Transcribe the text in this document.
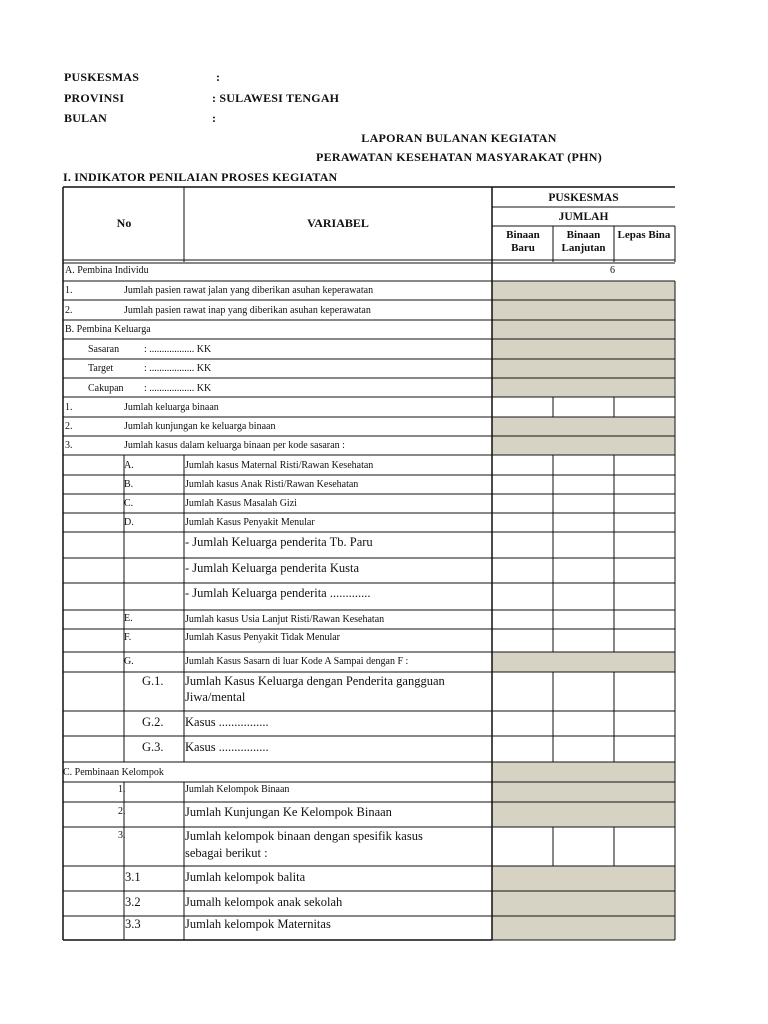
PUSKESMAS	:
PROVINSI	: SULAWESI TENGAH
BULAN	:
LAPORAN BULANAN KEGIATAN
PERAWATAN KESEHATAN MASYARAKAT (PHN)
I. INDIKATOR PENILAIAN PROSES KEGIATAN
No	VARIABEL
PUSKESMAS
JUMLAH
Binaan Baru
Binaan Lanjutan
Lepas Bina
A. Pembina Individu	6
1.	Jumlah pasien rawat jalan yang diberikan asuhan keperawatan
2.	Jumlah pasien rawat inap yang diberikan asuhan keperawatan
B. Pembina Keluarga
Sasaran : .................. KK
Target	: .................. KK
Cakupan : .................. KK
1.	Jumlah keluarga binaan
2.	Jumlah kunjungan ke keluarga binaan
3.	Jumlah kasus dalam keluarga binaan per kode sasaran :
A.	Jumlah kasus Maternal Risti/Rawan Kesehatan
B.	Jumlah kasus Anak Risti/Rawan Kesehatan
C.	Jumlah Kasus Masalah Gizi
D.	Jumlah Kasus Penyakit Menular
- Jumlah Keluarga penderita Tb. Paru
- Jumlah Keluarga penderita Kusta
- Jumlah Keluarga penderita .............
E.	Jumlah kasus Usia Lanjut Risti/Rawan Kesehatan
F.	Jumlah Kasus Penyakit Tidak Menular
G.	Jumlah Kasus Sasarn di luar Kode A Sampai dengan F :
G.1. Jumlah Kasus Keluarga dengan Penderita gangguan
Jiwa/mental
G.2. Kasus ................
G.3. Kasus ................
C. Pembinaan Kelompok
1.	Jumlah Kelompok Binaan
2.	Jumlah Kunjungan Ke Kelompok Binaan
3.	Jumlah kelompok binaan dengan spesifik kasus
sebagai berikut :
3.1	Jumlah kelompok balita
3.2	Jumalh kelompok anak sekolah
3.3	Jumlah kelompok Maternitas
